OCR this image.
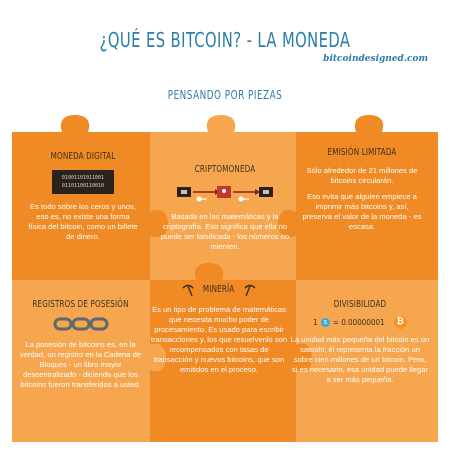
¿QUÉ ES BITCOIN? - LA MONEDA
bitcoindesigned.com
PENSANDO POR PIEZAS
MONEDA DIGITAL
01001101011001
01101100110010

Es todo sobre los ceros y unos, eso es, no existe una forma física del bitcoin, como un billete de dinero.

CRIPTOMONEDA

Basada en las matemáticas y la criptografía. Eso significa que ella no puede ser falsificada - los números no mienten.

EMISIÓN LIMITADA

Sólo alrededor de 21 millones de bitcoins circularán.

Eso evita que alguien empiece a imprimir más bitcoins y, así, preserva el valor de la moneda - es escasa.

REGISTROS DE POSESIÓN

La posesión de bitcoins es, en la verdad, un registro en la Cadena de Bloques - un libro mayor descentralizado - diciendo que los bitcoins fueron transferidos a usted.

MINERÍA

Es un tipo de problema de matemáticas que necesita mucho poder de procesamiento. Es usado para escribir transacciones y, los que resuelvenlo son recompensados con tasas de transacción y nuevos bitcoins, que son emitidos en el proceso.

DIVISIBILIDAD
1 s = 0.00000001	₿

La unidad más pequeña del bitcoin es un satoshi; él representa la fracción un sobre cien millones de un bitcoin. Pero, si es necesario, esa unidad puede llegar a ser más pequeña.
